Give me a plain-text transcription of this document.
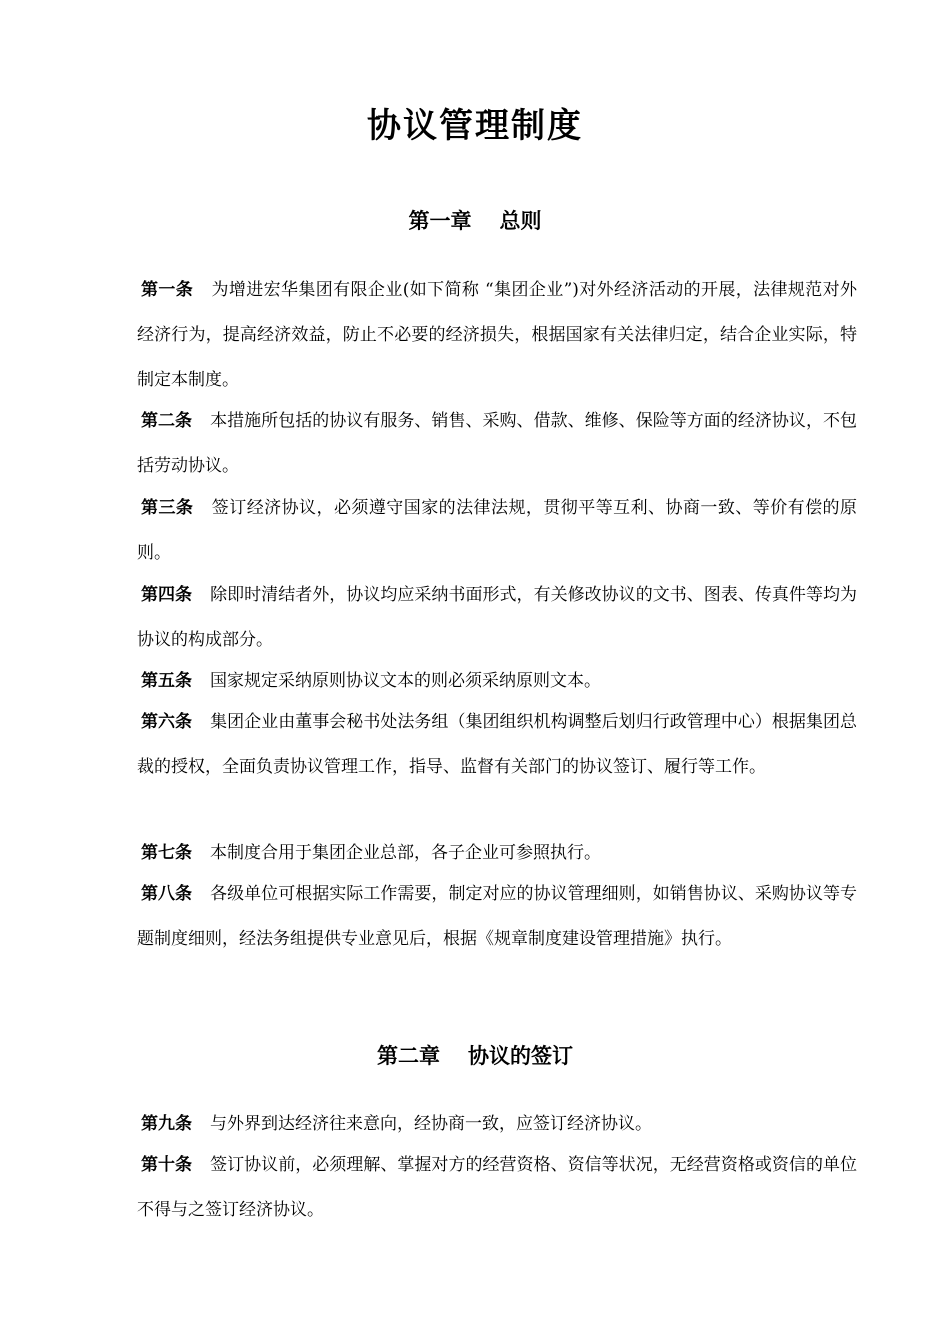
协议管理制度
第一章 总则

第一条 为增进宏华集团有限企业(如下简称 “集团企业”)对外经济活动的开展，法律规范对外经济行为，提高经济效益，防止不必要的经济损失，根据国家有关法律归定，结合企业实际，特制定本制度。

第二条 本措施所包括的协议有服务、销售、采购、借款、维修、保险等方面的经济协议，不包括劳动协议。

第三条 签订经济协议，必须遵守国家的法律法规，贯彻平等互利、协商一致、等价有偿的原则。

第四条 除即时清结者外，协议均应采纳书面形式，有关修改协议的文书、图表、传真件等均为协议的构成部分。

第五条 国家规定采纳原则协议文本的则必须采纳原则文本。

第六条 集团企业由董事会秘书处法务组（集团组织机构调整后划归行政管理中心）根据集团总裁的授权，全面负责协议管理工作，指导、监督有关部门的协议签订、履行等工作。

第七条 本制度合用于集团企业总部，各子企业可参照执行。

第八条 各级单位可根据实际工作需要，制定对应的协议管理细则，如销售协议、采购协议等专题制度细则，经法务组提供专业意见后，根据《规章制度建设管理措施》执行。

第二章 协议的签订

第九条 与外界到达经济往来意向，经协商一致，应签订经济协议。

第十条 签订协议前，必须理解、掌握对方的经营资格、资信等状况，无经营资格或资信的单位不得与之签订经济协议。
